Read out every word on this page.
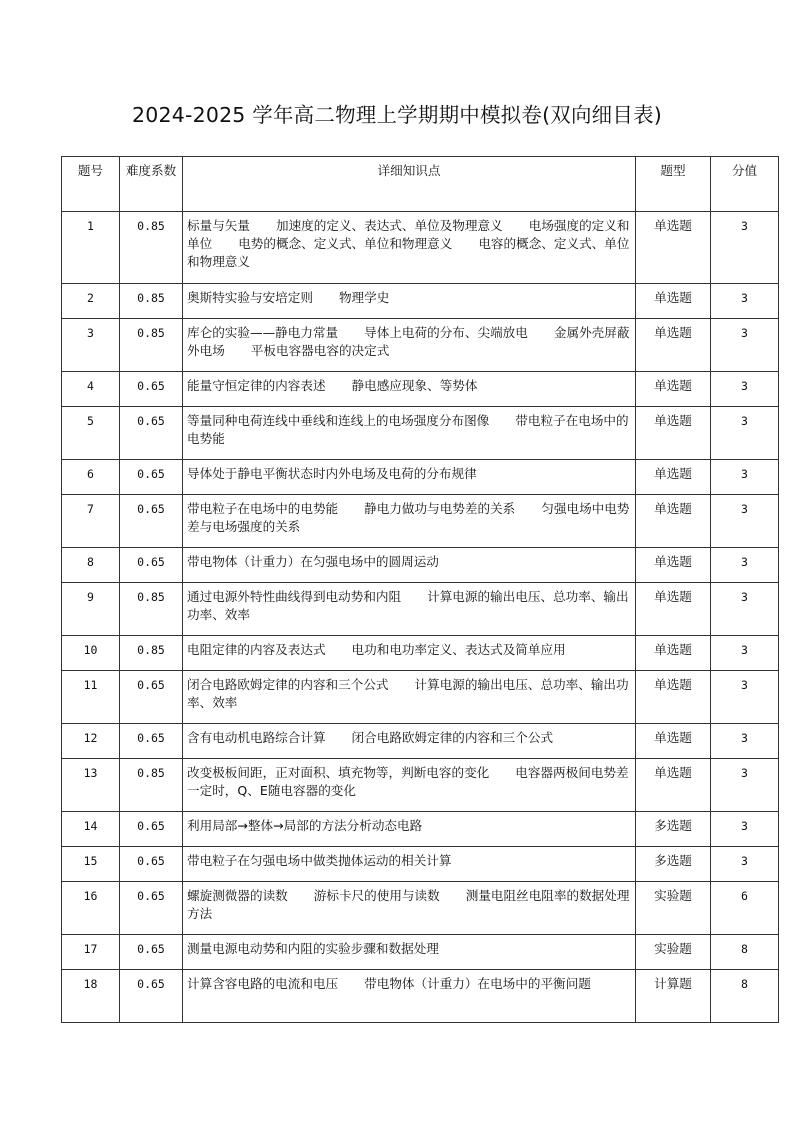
2024-2025 学年高二物理上学期期中模拟卷(双向细目表)
题号	难度系数	详细知识点	题型	分值
1	0.85	标量与矢量 加速度的定义、表达式、单位及物理意义 电场强度的定义和单位 电势的概念、定义式、单位和物理意义 电容的概念、定义式、单位和物理意义	单选题	3
2	0.85	奥斯特实验与安培定则 物理学史	单选题	3
3	0.85	库仑的实验——静电力常量 导体上电荷的分布、尖端放电 金属外壳屏蔽外电场 平板电容器电容的决定式	单选题	3
4	0.65	能量守恒定律的内容表述 静电感应现象、等势体	单选题	3
5	0.65	等量同种电荷连线中垂线和连线上的电场强度分布图像 带电粒子在电场中的电势能	单选题	3
6	0.65	导体处于静电平衡状态时内外电场及电荷的分布规律	单选题	3
7	0.65	带电粒子在电场中的电势能 静电力做功与电势差的关系 匀强电场中电势差与电场强度的关系	单选题	3
8	0.65	带电物体（计重力）在匀强电场中的圆周运动	单选题	3
9	0.85	通过电源外特性曲线得到电动势和内阻 计算电源的输出电压、总功率、输出功率、效率	单选题	3
10	0.85	电阻定律的内容及表达式 电功和电功率定义、表达式及简单应用	单选题	3
11	0.65	闭合电路欧姆定律的内容和三个公式 计算电源的输出电压、总功率、输出功率、效率	单选题	3
12	0.65	含有电动机电路综合计算 闭合电路欧姆定律的内容和三个公式	单选题	3
13	0.85	改变极板间距，正对面积、填充物等，判断电容的变化 电容器两极间电势差一定时，Q、E随电容器的变化	单选题	3
14	0.65	利用局部→整体→局部的方法分析动态电路	多选题	3
15	0.65	带电粒子在匀强电场中做类抛体运动的相关计算	多选题	3
16	0.65	螺旋测微器的读数 游标卡尺的使用与读数 测量电阻丝电阻率的数据处理方法	实验题	6
17	0.65	测量电源电动势和内阻的实验步骤和数据处理	实验题	8
18	0.65	计算含容电路的电流和电压 带电物体（计重力）在电场中的平衡问题	计算题	8
